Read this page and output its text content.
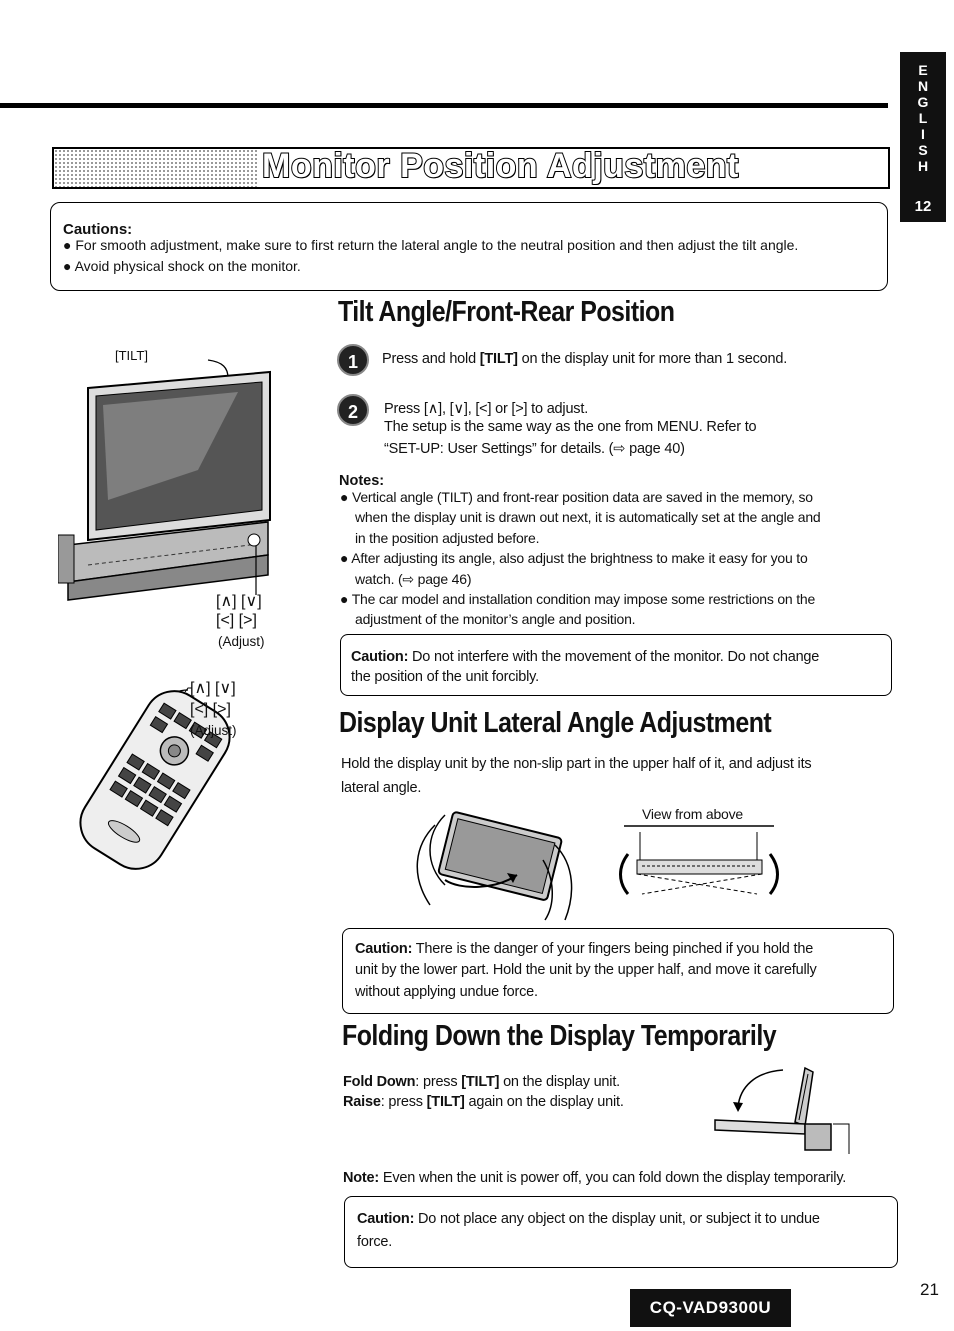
E
N
G
L
I
S
H
12
Monitor Position Adjustment
Cautions:
● For smooth adjustment, make sure to first return the lateral angle to the neutral position and then adjust the tilt angle.
● Avoid physical shock on the monitor.
[TILT]
[∧] [∨]
[<] [>]
(Adjust)
[∧] [∨]
[<] [>]
(Adjust)
Tilt Angle/Front-Rear Position
1	Press and hold [TILT] on the display unit for more than 1 second.
2	Press [∧], [∨], [<] or [>] to adjust.
The setup is the same way as the one from MENU. Refer to
“SET-UP: User Settings” for details. (⇨ page 40)
Notes:
● Vertical angle (TILT) and front-rear position data are saved in the memory, so
when the display unit is drawn out next, it is automatically set at the angle and
in the position adjusted before.
● After adjusting its angle, also adjust the brightness to make it easy for you to
watch. (⇨ page 46)
● The car model and installation condition may impose some restrictions on the
adjustment of the monitor’s angle and position.
Caution: Do not interfere with the movement of the monitor. Do not change
the position of the unit forcibly.
Display Unit Lateral Angle Adjustment
Hold the display unit by the non-slip part in the upper half of it, and adjust its
lateral angle.
View from above
Caution: There is the danger of your fingers being pinched if you hold the
unit by the lower part. Hold the unit by the upper half, and move it carefully
without applying undue force.
Folding Down the Display Temporarily
Fold Down: press [TILT] on the display unit.
Raise: press [TILT] again on the display unit.
Note: Even when the unit is power off, you can fold down the display temporarily.
Caution: Do not place any object on the display unit, or subject it to undue
force.
CQ-VAD9300U
21
